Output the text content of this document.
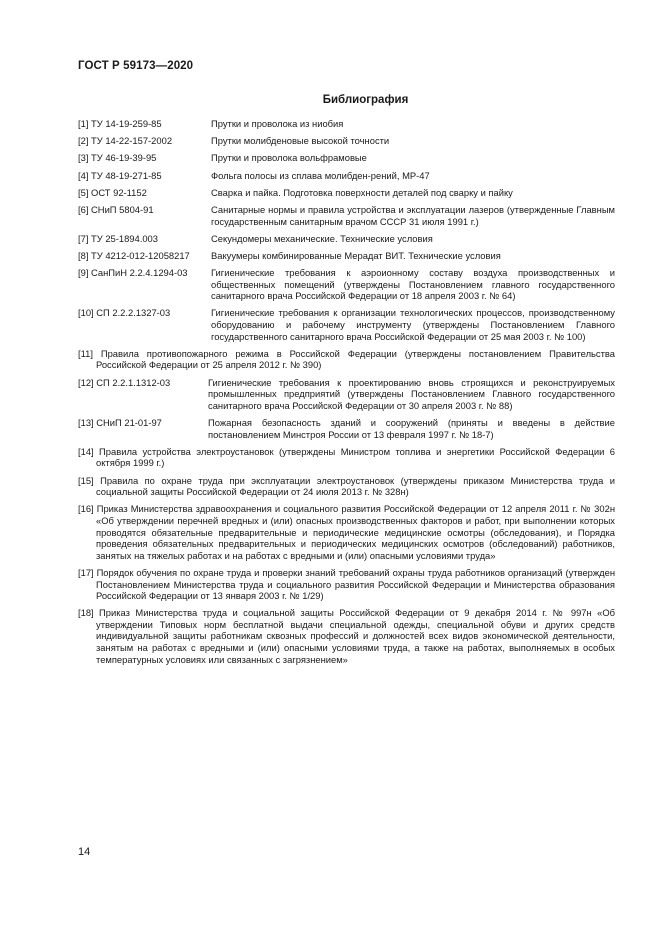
ГОСТ Р 59173—2020
Библиография
[1] ТУ 14-19-259-85	Прутки и проволока из ниобия
[2] ТУ 14-22-157-2002	Прутки молибденовые высокой точности
[3] ТУ 46-19-39-95	Прутки и проволока вольфрамовые
[4] ТУ 48-19-271-85	Фольга полосы из сплава молибден-рений, МР-47
[5] ОСТ 92-1152	Сварка и пайка. Подготовка поверхности деталей под сварку и пайку
[6] СНиП 5804-91	Санитарные нормы и правила устройства и эксплуатации лазеров (утвержденные Главным государственным санитарным врачом СССР 31 июля 1991 г.)
[7] ТУ 25-1894.003	Секундомеры механические. Технические условия
[8] ТУ 4212-012-12058217	Вакуумеры комбинированные Мерадат ВИТ. Технические условия
[9] СанПиН 2.2.4.1294-03	Гигиенические требования к аэроионному составу воздуха производственных и общественных помещений (утверждены Постановлением главного государственного санитарного врача Российской Федерации от 18 апреля 2003 г. № 64)
[10] СП 2.2.2.1327-03	Гигиенические требования к организации технологических процессов, производственному оборудованию и рабочему инструменту (утверждены Постановлением Главного государственного санитарного врача Российской Федерации от 25 мая 2003 г. № 100)
[11] Правила противопожарного режима в Российской Федерации (утверждены постановлением Правительства Российской Федерации от 25 апреля 2012 г. № 390)
[12] СП 2.2.1.1312-03	Гигиенические требования к проектированию вновь строящихся и реконструируемых промышленных предприятий (утверждены Постановлением Главного государственного санитарного врача Российской Федерации от 30 апреля 2003 г. № 88)
[13] СНиП 21-01-97	Пожарная безопасность зданий и сооружений (приняты и введены в действие постановлением Минстроя России от 13 февраля 1997 г. № 18-7)
[14] Правила устройства электроустановок (утверждены Министром топлива и энергетики Российской Федерации 6 октября 1999 г.)
[15] Правила по охране труда при эксплуатации электроустановок (утверждены приказом Министерства труда и социальной защиты Российской Федерации от 24 июля 2013 г. № 328н)
[16] Приказ Министерства здравоохранения и социального развития Российской Федерации от 12 апреля 2011 г. № 302н «Об утверждении перечней вредных и (или) опасных производственных факторов и работ, при выполнении которых проводятся обязательные предварительные и периодические медицинские осмотры (обследования), и Порядка проведения обязательных предварительных и периодических медицинских осмотров (обследований) работников, занятых на тяжелых работах и на работах с вредными и (или) опасными условиями труда»
[17] Порядок обучения по охране труда и проверки знаний требований охраны труда работников организаций (утвержден Постановлением Министерства труда и социального развития Российской Федерации и Министерства образования Российской Федерации от 13 января 2003 г. № 1/29)
[18] Приказ Министерства труда и социальной защиты Российской Федерации от 9 декабря 2014 г. № 997н «Об утверждении Типовых норм бесплатной выдачи специальной одежды, специальной обуви и других средств индивидуальной защиты работникам сквозных профессий и должностей всех видов экономической деятельности, занятым на работах с вредными и (или) опасными условиями труда, а также на работах, выполняемых в особых температурных условиях или связанных с загрязнением»
14
